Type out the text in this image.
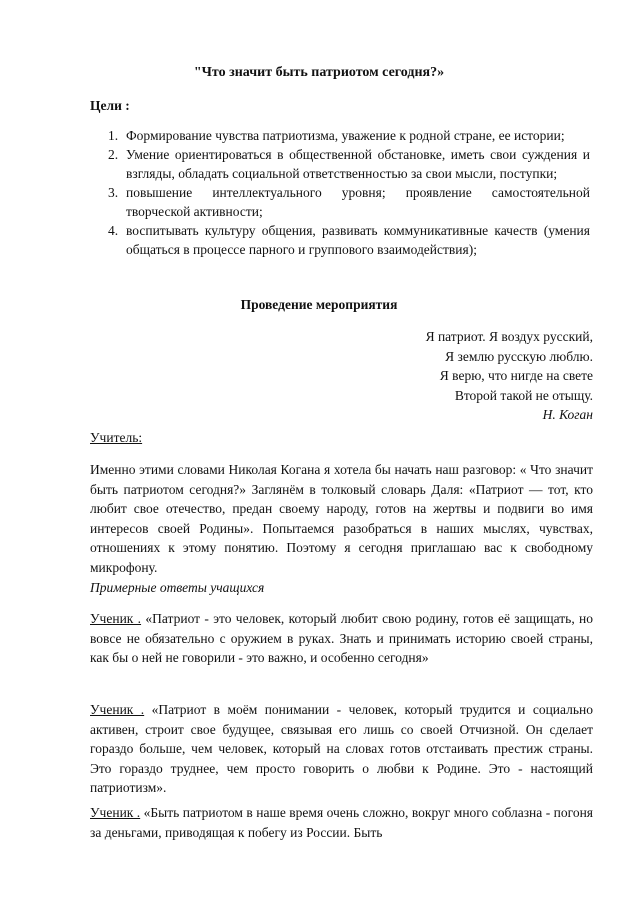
"Что значит быть патриотом сегодня?»
Цели :
1. Формирование чувства патриотизма, уважение к родной стране, ее истории;
2. Умение ориентироваться в общественной обстановке, иметь свои суждения и взгляды, обладать социальной ответственностью за свои мысли, поступки;
3. повышение интеллектуального уровня; проявление самостоятельной творческой активности;
4. воспитывать культуру общения, развивать коммуникативные качеств (умения общаться в процессе парного и группового взаимодействия);
Проведение мероприятия
Я патриот. Я воздух русский,
Я землю русскую люблю.
Я верю, что нигде на свете
Второй такой не отыщу.
Н. Коган
Учитель:

Именно этими словами Николая Когана я хотела бы начать наш разговор: « Что значит быть патриотом сегодня?» Заглянём в толковый словарь Даля: «Патриот — тот, кто любит свое отечество, предан своему народу, готов на жертвы и подвиги во имя интересов своей Родины». Попытаемся разобраться в наших мыслях, чувствах, отношениях к этому понятию. Поэтому я сегодня приглашаю вас к свободному микрофону.

Примерные ответы учащихся

Ученик . «Патриот - это человек, который любит свою родину, готов её защищать, но вовсе не обязательно с оружием в руках. Знать и принимать историю своей страны, как бы о ней не говорили - это важно, и особенно сегодня»

Ученик . «Патриот в моём понимании - человек, который трудится и социально активен, строит свое будущее, связывая его лишь со своей Отчизной. Он сделает гораздо больше, чем человек, который на словах готов отстаивать престиж страны. Это гораздо труднее, чем просто говорить о любви к Родине. Это - настоящий патриотизм».

Ученик . «Быть патриотом в наше время очень сложно, вокруг много соблазна - погоня за деньгами, приводящая к побегу из России. Быть
